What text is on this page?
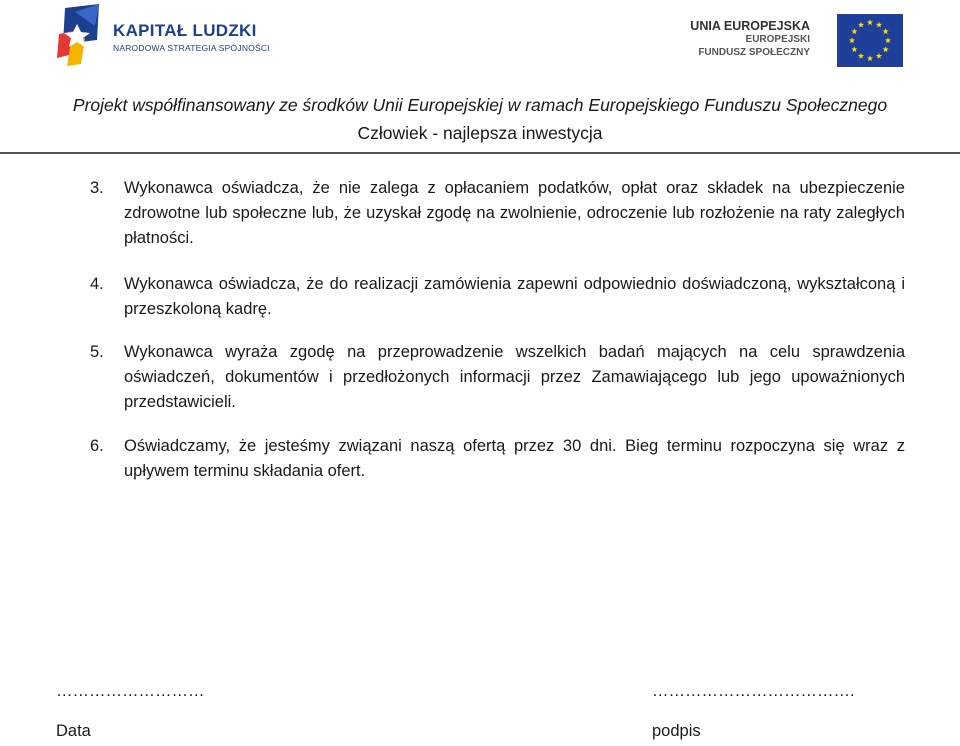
KAPITAŁ LUDZKI
NARODOWA STRATEGIA SPÓJNOŚCI
UNIA EUROPEJSKA
EUROPEJSKI
FUNDUSZ SPOŁECZNY
Projekt współfinansowany ze środków Unii Europejskiej w ramach Europejskiego Funduszu Społecznego
Człowiek - najlepsza inwestycja
3.	Wykonawca oświadcza, że nie zalega z opłacaniem podatków, opłat oraz składek na ubezpieczenie zdrowotne lub społeczne lub, że uzyskał zgodę na zwolnienie, odroczenie lub rozłożenie na raty zaległych płatności.
4.	Wykonawca oświadcza, że do realizacji zamówienia zapewni odpowiednio doświadczoną, wykształconą i przeszkoloną kadrę.
5.	Wykonawca wyraża zgodę na przeprowadzenie wszelkich badań mających na celu sprawdzenia oświadczeń, dokumentów i przedłożonych informacji przez Zamawiającego lub jego upoważnionych przedstawicieli.
6.	Oświadczamy, że jesteśmy związani naszą ofertą przez 30 dni. Bieg terminu rozpoczyna się wraz z upływem terminu składania ofert.
………………………	……………………………….
Data	podpis
